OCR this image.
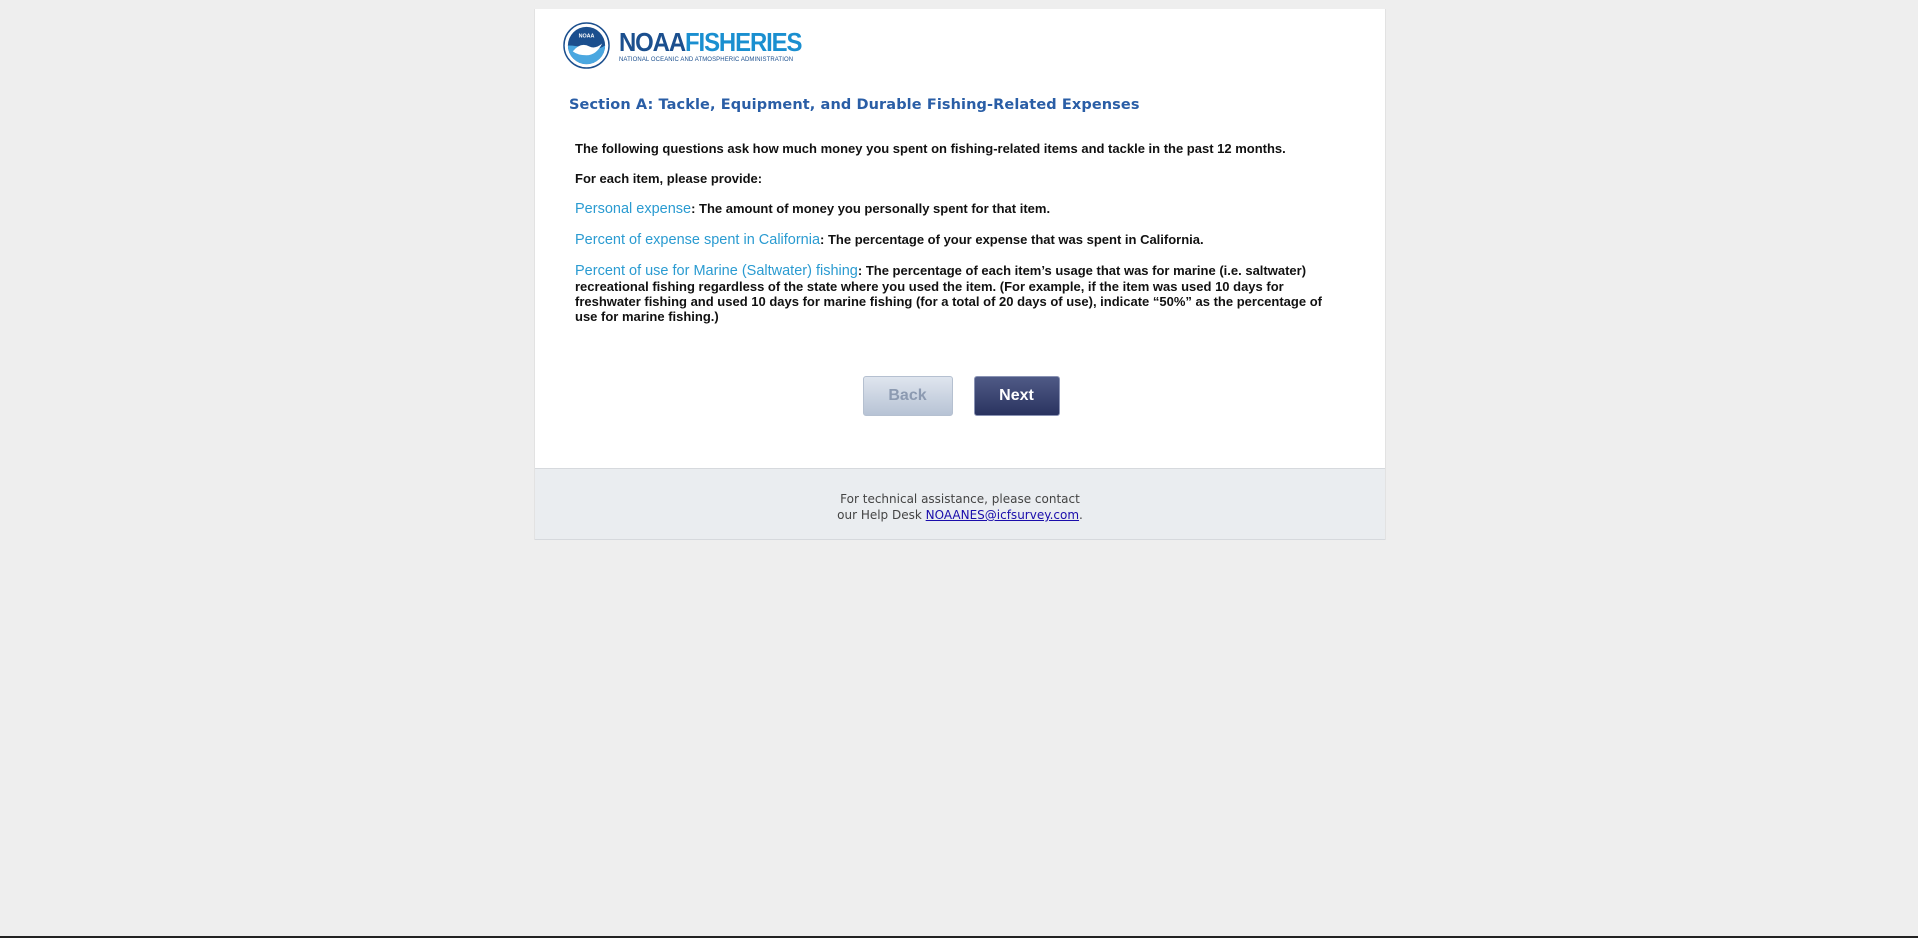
NOAA NOAAFISHERIES
NATIONAL OCEANIC AND ATMOSPHERIC ADMINISTRATION
Section A: Tackle, Equipment, and Durable Fishing-Related Expenses

The following questions ask how much money you spent on fishing-related items and tackle in the past 12 months.

For each item, please provide:

Personal expense: The amount of money you personally spent for that item.

Percent of expense spent in California: The percentage of your expense that was spent in California.

Percent of use for Marine (Saltwater) fishing: The percentage of each item’s usage that was for marine (i.e. saltwater) recreational fishing regardless of the state where you used the item. (For example, if the item was used 10 days for freshwater fishing and used 10 days for marine fishing (for a total of 20 days of use), indicate “50%” as the percentage of use for marine fishing.)

Back	Next
For technical assistance, please contact
our Help Desk NOAANES@icfsurvey.com.
